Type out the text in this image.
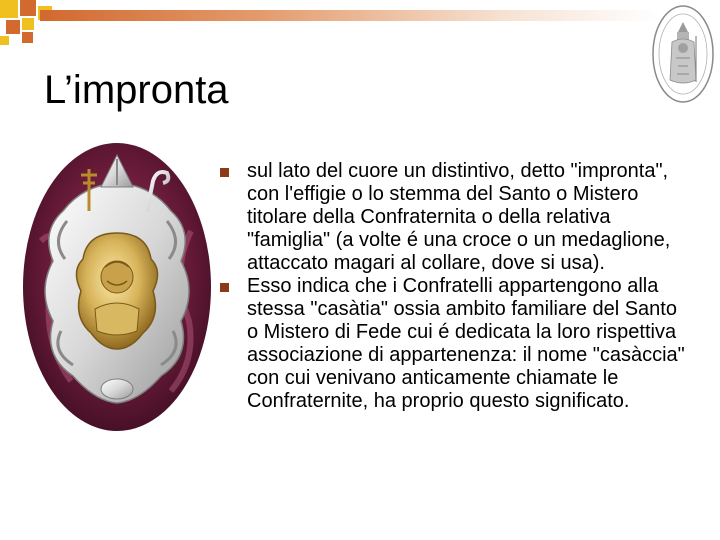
L’impronta
sul lato del cuore un distintivo, detto "impronta", con l'effigie o lo stemma del Santo o Mistero titolare della Confraternita o della relativa "famiglia" (a volte é una croce o un medaglione, attaccato magari al collare, dove si usa).
Esso indica che i Confratelli appartengono alla stessa "casàtia" ossia ambito familiare del Santo o Mistero di Fede cui é dedicata la loro rispettiva associazione di appartenenza: il nome "casàccia" con cui venivano anticamente chiamate le Confraternite, ha proprio questo significato.
